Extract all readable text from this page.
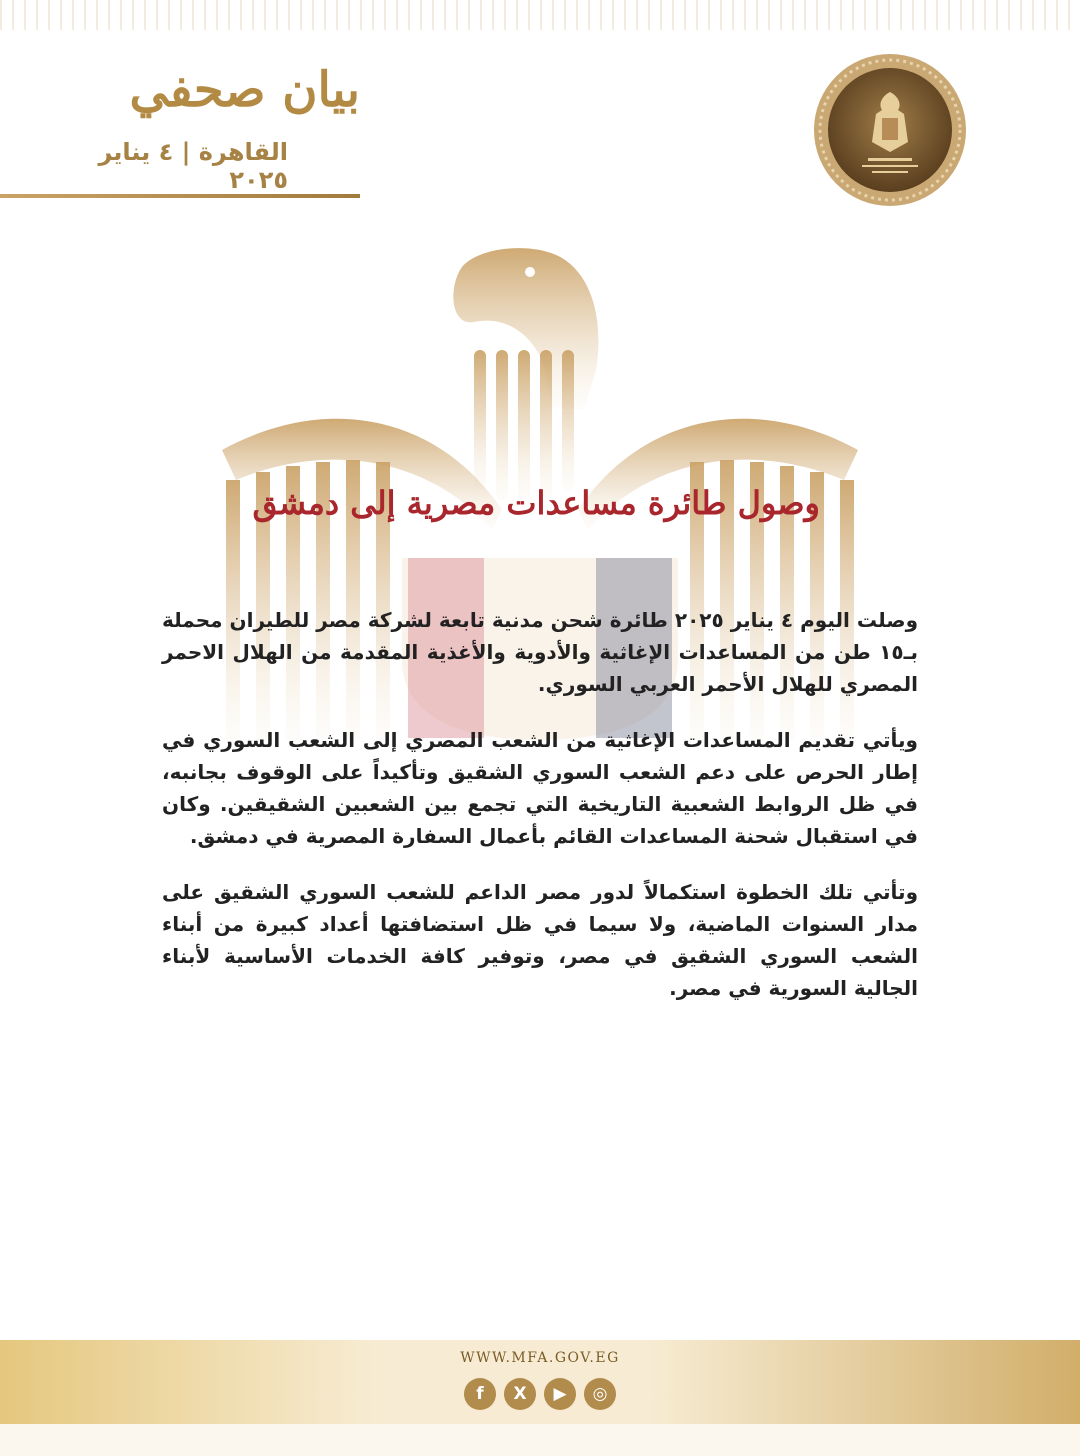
بيان صحفي
القاهرة | ٤ يناير ٢٠٢٥
وصول طائرة مساعدات مصرية إلى دمشق

وصلت اليوم ٤ يناير ٢٠٢٥ طائرة شحن مدنية تابعة لشركة مصر للطيران محملة بـ١٥ طن من المساعدات الإغاثية والأدوية والأغذية المقدمة من الهلال الاحمر المصري للهلال الأحمر العربي السوري.

ويأتي تقديم المساعدات الإغاثية من الشعب المصري إلى الشعب السوري في إطار الحرص على دعم الشعب السوري الشقيق وتأكيداً على الوقوف بجانبه، في ظل الروابط الشعبية التاريخية التي تجمع بين الشعبين الشقيقين. وكان في استقبال شحنة المساعدات القائم بأعمال السفارة المصرية في دمشق.

وتأتي تلك الخطوة استكمالاً لدور مصر الداعم للشعب السوري الشقيق على مدار السنوات الماضية، ولا سيما في ظل استضافتها أعداد كبيرة من أبناء الشعب السوري الشقيق في مصر، وتوفير كافة الخدمات الأساسية لأبناء الجالية السورية في مصر.

WWW.MFA.GOV.EG
f	X	▶	◎
